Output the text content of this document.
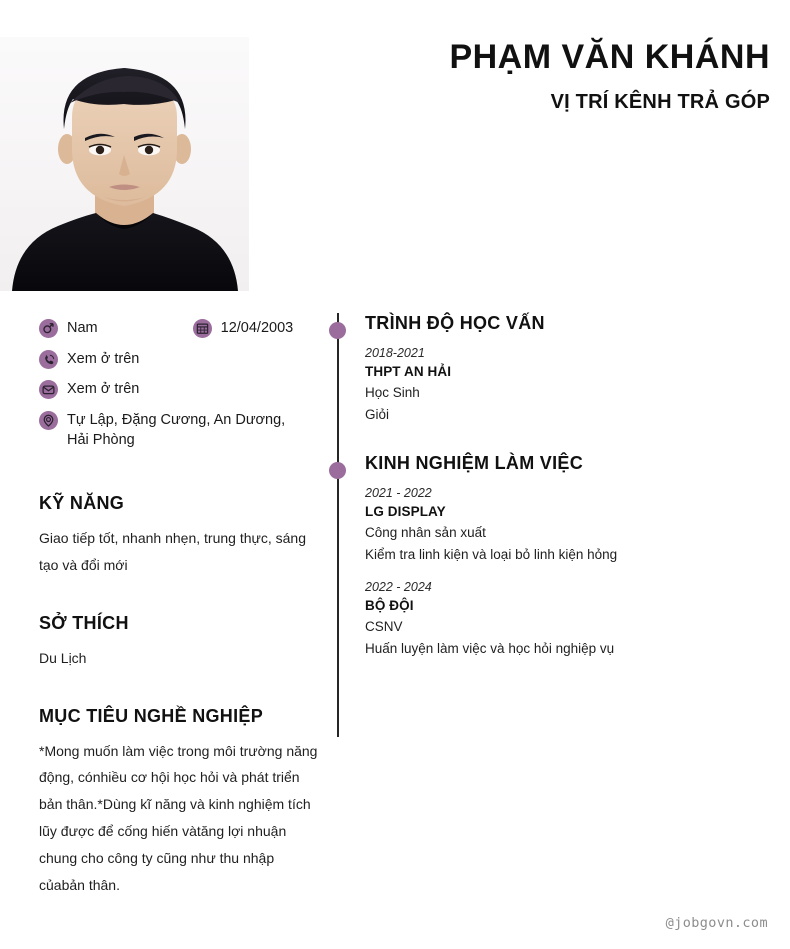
PHẠM VĂN KHÁNH
VỊ TRÍ KÊNH TRẢ GÓP
Nam	12/04/2003
Xem ở trên
Xem ở trên
Tự Lập, Đặng Cương, An Dương, Hải Phòng
KỸ NĂNG
Giao tiếp tốt, nhanh nhẹn, trung thực, sáng tạo và đổi mới
SỞ THÍCH
Du Lịch
MỤC TIÊU NGHỀ NGHIỆP
*Mong muốn làm việc trong môi trường năng động, cónhiều cơ hội học hỏi và phát triển bản thân.*Dùng kĩ năng và kinh nghiệm tích lũy được để cống hiến vàtăng lợi nhuận chung cho công ty cũng như thu nhập củabản thân.
TRÌNH ĐỘ HỌC VẤN
2018-2021
THPT AN HẢI
Học Sinh
Giỏi
KINH NGHIỆM LÀM VIỆC
2021 - 2022
LG DISPLAY
Công nhân sản xuất
Kiểm tra linh kiện và loại bỏ linh kiện hỏng
2022 - 2024
BỘ ĐỘI
CSNV
Huấn luyện làm việc và học hỏi nghiệp vụ
@jobgovn.com
